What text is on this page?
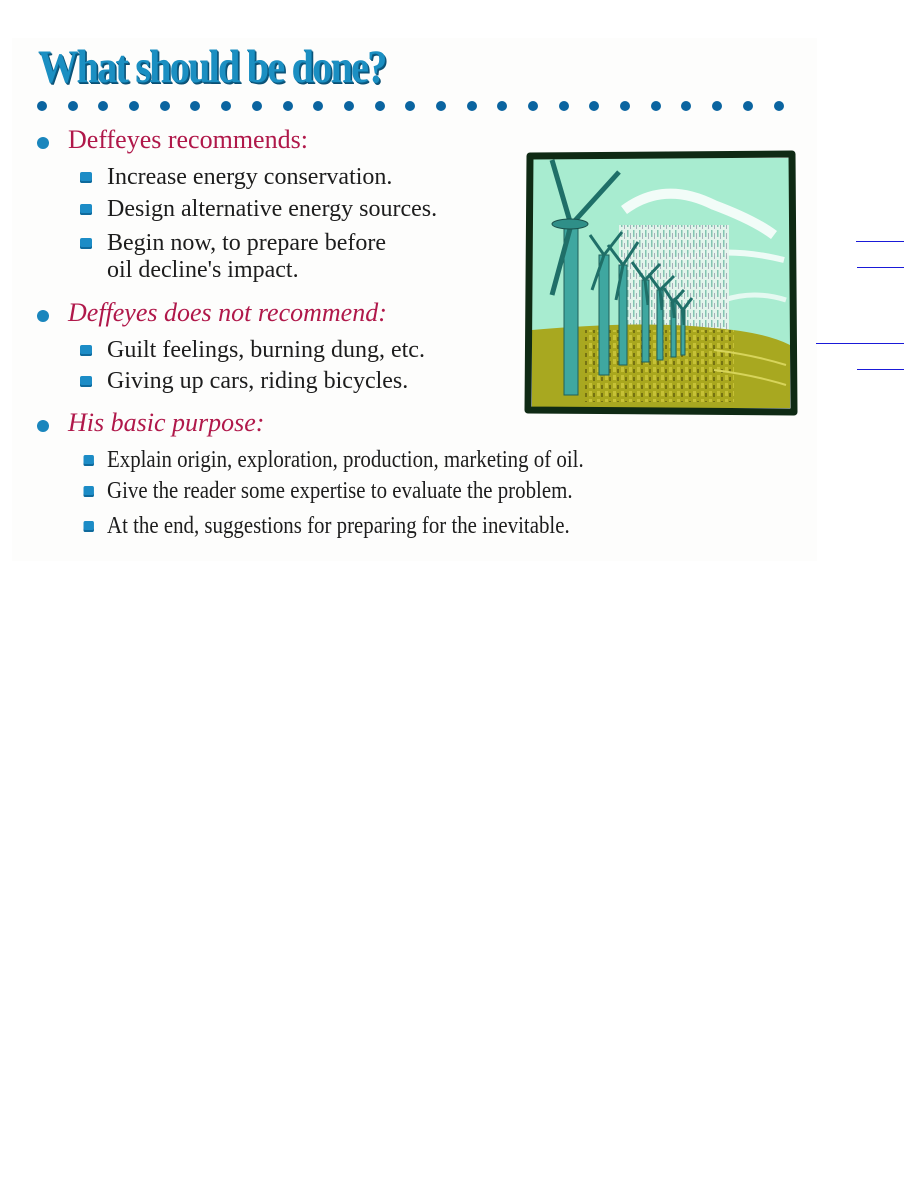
What should be done?
Deffeyes recommends:
Increase energy conservation.
Design alternative energy sources.
Begin now, to prepare before
oil decline's impact.
Deffeyes does not recommend:
Guilt feelings, burning dung, etc.
Giving up cars, riding bicycles.
His basic purpose:
Explain origin, exploration, production, marketing of oil.
Give the reader some expertise to evaluate the problem.
At the end, suggestions for preparing for the inevitable.
